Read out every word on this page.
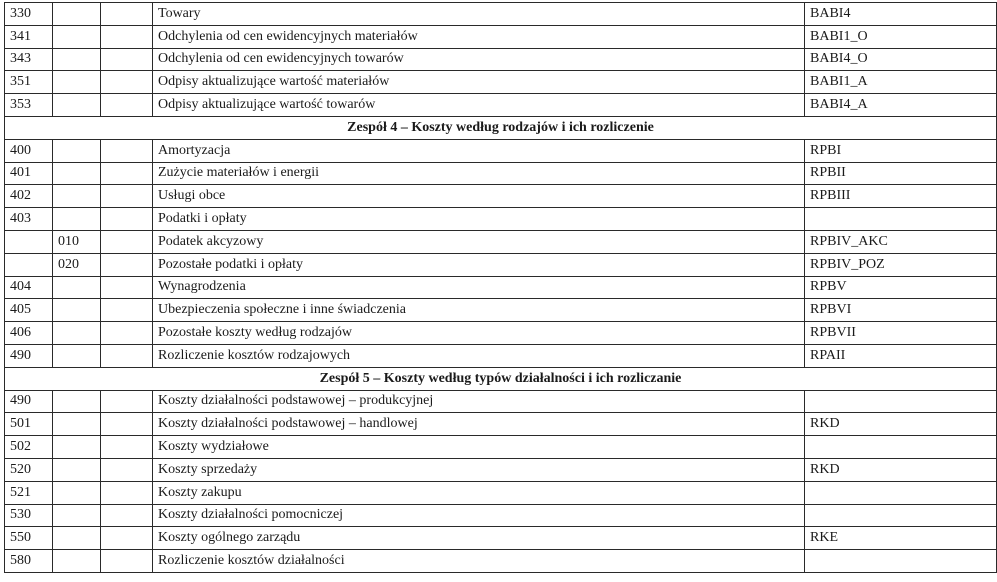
330			Towary	BABI4
341			Odchylenia od cen ewidencyjnych materiałów	BABI1_O
343			Odchylenia od cen ewidencyjnych towarów	BABI4_O
351			Odpisy aktualizujące wartość materiałów	BABI1_A
353			Odpisy aktualizujące wartość towarów	BABI4_A
Zespół 4 – Koszty według rodzajów i ich rozliczenie				
400			Amortyzacja	RPBI
401			Zużycie materiałów i energii	RPBII
402			Usługi obce	RPBIII
403			Podatki i opłaty	
	010		Podatek akcyzowy	RPBIV_AKC
	020		Pozostałe podatki i opłaty	RPBIV_POZ
404			Wynagrodzenia	RPBV
405			Ubezpieczenia społeczne i inne świadczenia	RPBVI
406			Pozostałe koszty według rodzajów	RPBVII
490			Rozliczenie kosztów rodzajowych	RPAII
Zespół 5 – Koszty według typów działalności i ich rozliczanie				
490			Koszty działalności podstawowej – produkcyjnej	
501			Koszty działalności podstawowej – handlowej	RKD
502			Koszty wydziałowe	
520			Koszty sprzedaży	RKD
521			Koszty zakupu	
530			Koszty działalności pomocniczej	
550			Koszty ogólnego zarządu	RKE
580			Rozliczenie kosztów działalności	
